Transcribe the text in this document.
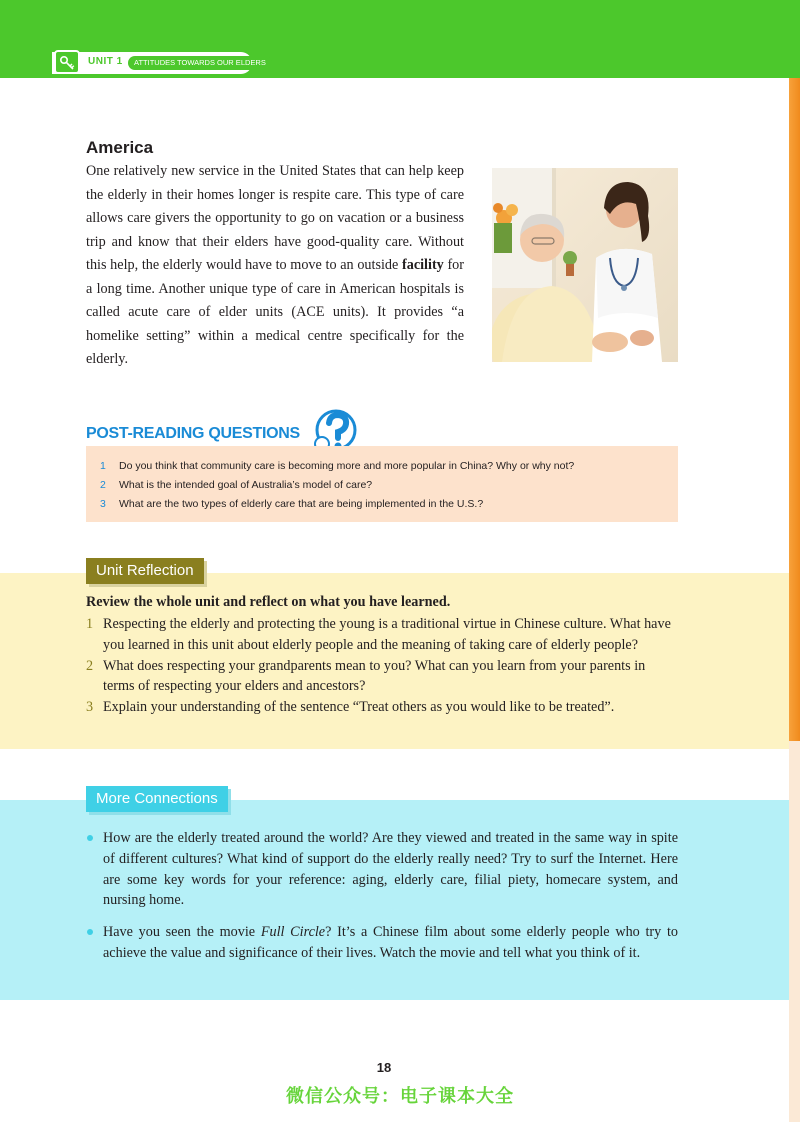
UNIT 1	ATTITUDES TOWARDS OUR ELDERS
America
One relatively new service in the United States that can help keep the elderly in their homes longer is respite care. This type of care allows care givers the opportunity to go on vacation or a business trip and know that their elders have good-quality care. Without this help, the elderly would have to move to an outside facility for a long time. Another unique type of care in American hospitals is called acute care of elder units (ACE units). It provides “a homelike setting” within a medical centre specifically for the elderly.
POST-READING QUESTIONS
1 Do you think that community care is becoming more and more popular in China? Why or why not?
2 What is the intended goal of Australia’s model of care?
3 What are the two types of elderly care that are being implemented in the U.S.?
Unit Reflection
Review the whole unit and reflect on what you have learned.
1 Respecting the elderly and protecting the young is a traditional virtue in Chinese culture. What have you learned in this unit about elderly people and the meaning of taking care of elderly people?
2 What does respecting your grandparents mean to you? What can you learn from your parents in terms of respecting your elders and ancestors?
3 Explain your understanding of the sentence “Treat others as you would like to be treated”.
More Connections
How are the elderly treated around the world? Are they viewed and treated in the same way in spite of different cultures? What kind of support do the elderly really need? Try to surf the Internet. Here are some key words for your reference: aging, elderly care, filial piety, homecare system, and nursing home.
Have you seen the movie Full Circle? It’s a Chinese film about some elderly people who try to achieve the value and significance of their lives. Watch the movie and tell what you think of it.
18
微信公众号：电子课本大全
